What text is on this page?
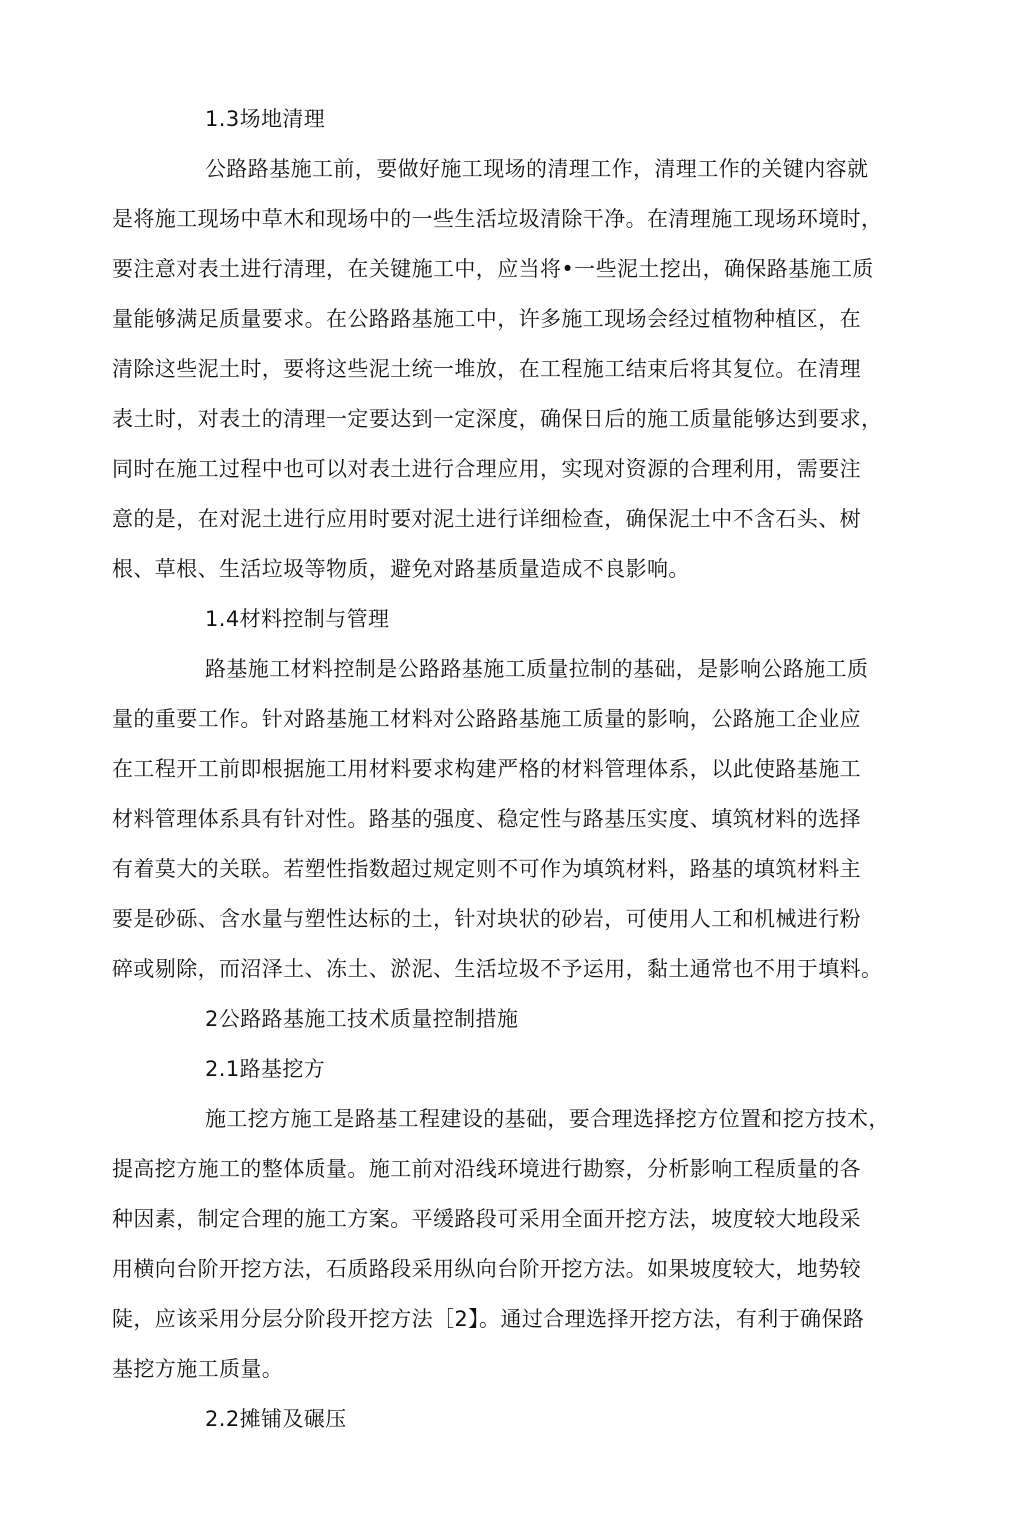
1.3场地清理
公路路基施工前，要做好施工现场的清理工作，清理工作的关键内容就
是将施工现场中草木和现场中的一些生活垃圾清除干净。在清理施工现场环境时，
要注意对表土进行清理，在关键施工中，应当将•一些泥土挖出，确保路基施工质
量能够满足质量要求。在公路路基施工中，许多施工现场会经过植物种植区，在
清除这些泥土时，要将这些泥土统一堆放，在工程施工结束后将其复位。在清理
表土时，对表土的清理一定要达到一定深度，确保日后的施工质量能够达到要求，
同时在施工过程中也可以对表土进行合理应用，实现对资源的合理利用，需要注
意的是，在对泥土进行应用时要对泥土进行详细检查，确保泥土中不含石头、树
根、草根、生活垃圾等物质，避免对路基质量造成不良影响。
1.4材料控制与管理
路基施工材料控制是公路路基施工质量拉制的基础，是影响公路施工质
量的重要工作。针对路基施工材料对公路路基施工质量的影响，公路施工企业应
在工程开工前即根据施工用材料要求构建严格的材料管理体系，以此使路基施工
材料管理体系具有针对性。路基的强度、稳定性与路基压实度、填筑材料的选择
有着莫大的关联。若塑性指数超过规定则不可作为填筑材料，路基的填筑材料主
要是砂砾、含水量与塑性达标的土，针对块状的砂岩，可使用人工和机械进行粉
碎或剔除，而沼泽土、冻土、淤泥、生活垃圾不予运用，黏土通常也不用于填料。
2公路路基施工技术质量控制措施
2.1路基挖方
施工挖方施工是路基工程建设的基础，要合理选择挖方位置和挖方技术，
提高挖方施工的整体质量。施工前对沿线环境进行勘察，分析影响工程质量的各
种因素，制定合理的施工方案。平缓路段可采用全面开挖方法，坡度较大地段采
用横向台阶开挖方法，石质路段采用纵向台阶开挖方法。如果坡度较大，地势较
陡，应该采用分层分阶段开挖方法［2】。通过合理选择开挖方法，有利于确保路
基挖方施工质量。
2.2摊铺及碾压
